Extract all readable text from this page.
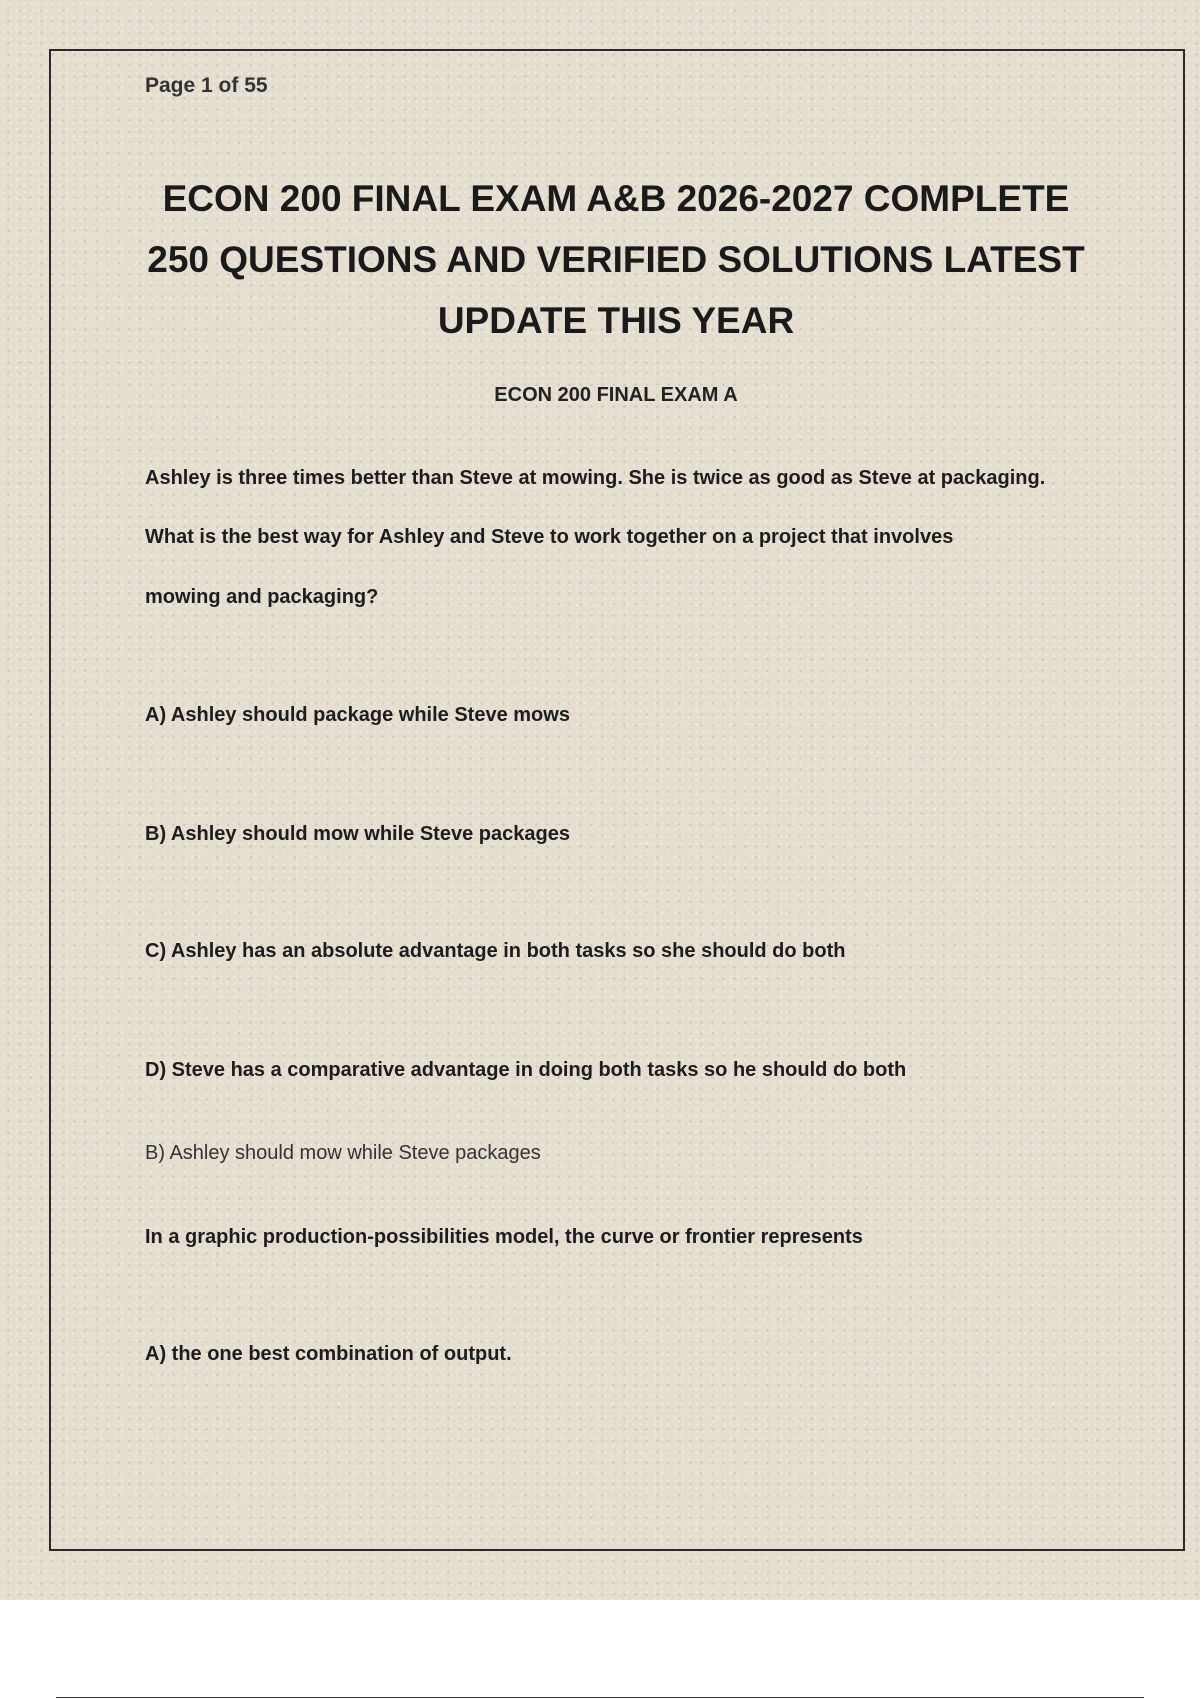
Page 1 of 55
ECON 200 FINAL EXAM A&B 2026-2027 COMPLETE
250 QUESTIONS AND VERIFIED SOLUTIONS LATEST
UPDATE THIS YEAR
ECON 200 FINAL EXAM A
Ashley is three times better than Steve at mowing. She is twice as good as Steve at packaging.
What is the best way for Ashley and Steve to work together on a project that involves
mowing and packaging?
A) Ashley should package while Steve mows
B) Ashley should mow while Steve packages
C) Ashley has an absolute advantage in both tasks so she should do both
D) Steve has a comparative advantage in doing both tasks so he should do both
B) Ashley should mow while Steve packages
In a graphic production-possibilities model, the curve or frontier represents
A) the one best combination of output.
